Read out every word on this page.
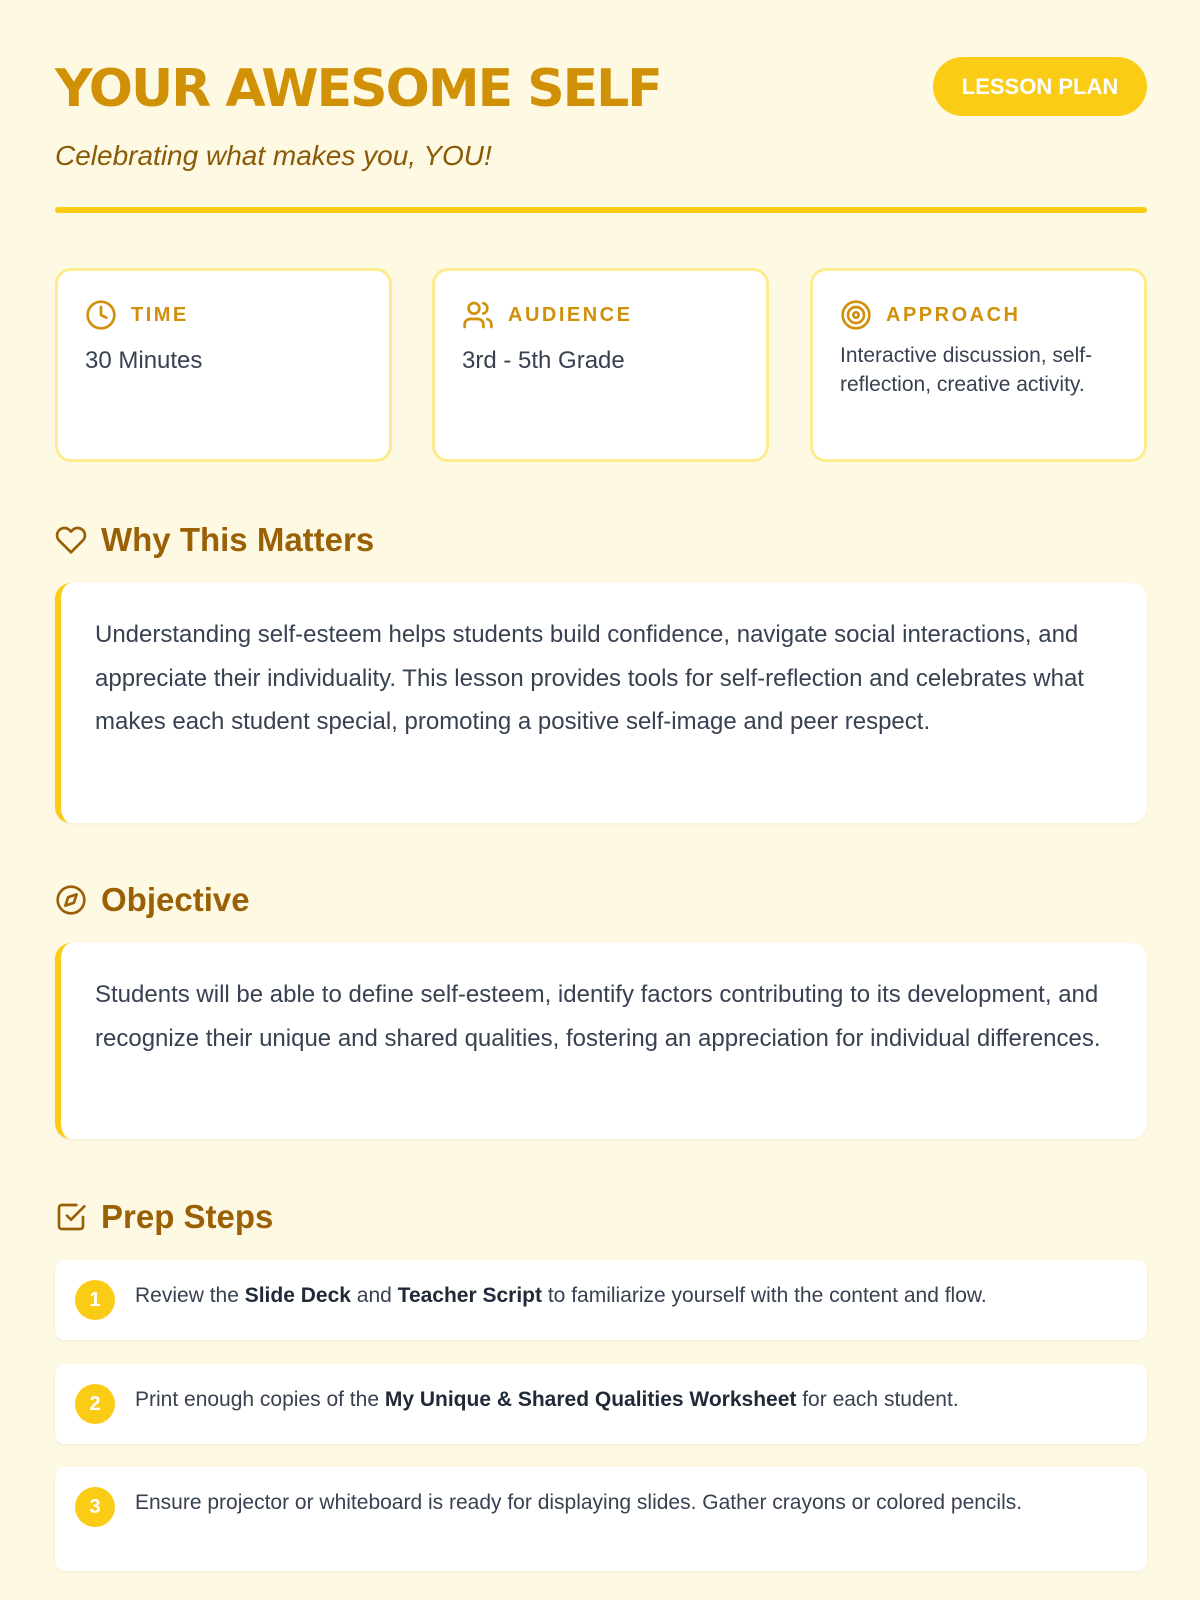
YOUR AWESOME SELF
Celebrating what makes you, YOU!
LESSON PLAN
TIME
30 Minutes
AUDIENCE
3rd - 5th Grade
APPROACH
Interactive discussion, self-reflection, creative activity.
Why This Matters

Understanding self-esteem helps students build confidence, navigate social interactions, and appreciate their individuality. This lesson provides tools for self-reflection and celebrates what makes each student special, promoting a positive self-image and peer respect.

Objective

Students will be able to define self-esteem, identify factors contributing to its development, and recognize their unique and shared qualities, fostering an appreciation for individual differences.

Prep Steps
1	Review the Slide Deck and Teacher Script to familiarize yourself with the content and flow.

2	Print enough copies of the My Unique & Shared Qualities Worksheet for each student.

3	Ensure projector or whiteboard is ready for displaying slides. Gather crayons or colored pencils.
